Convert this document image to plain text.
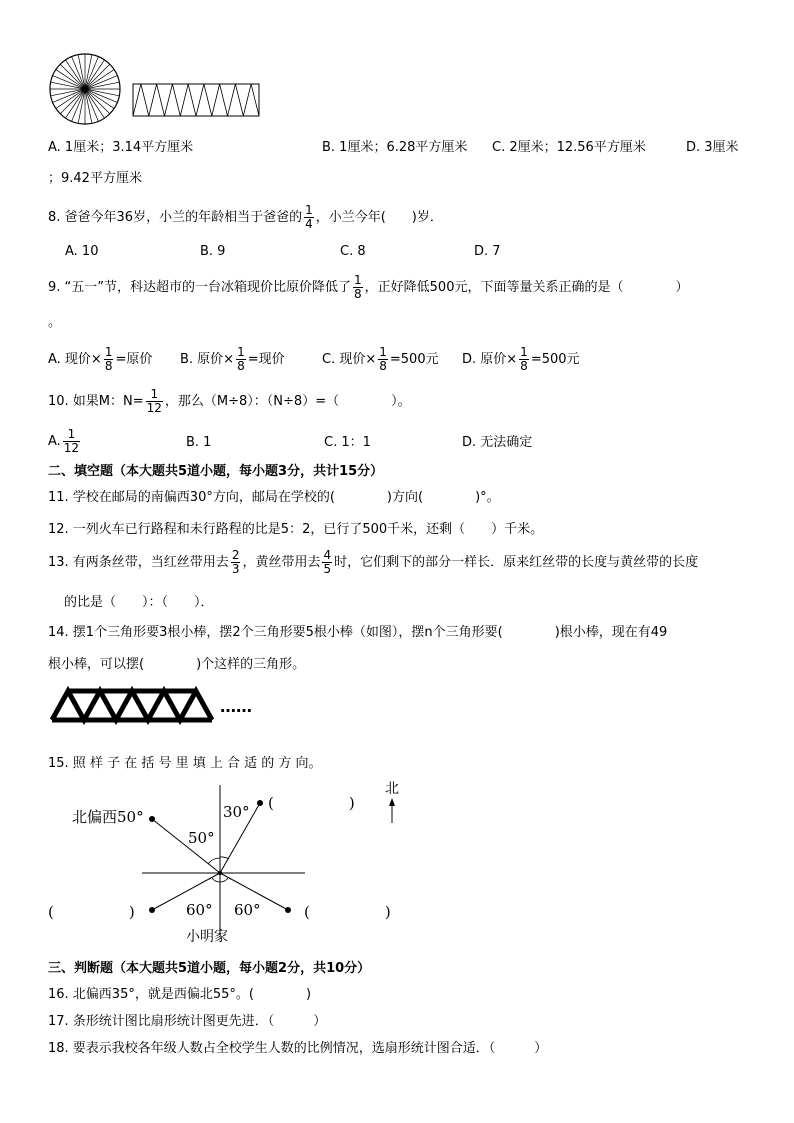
A. 1厘米；3.14平方厘米	B. 1厘米；6.28平方厘米 C. 2厘米；12.56平方厘米	D. 3厘米
；9.42平方厘米
8. 爸爸今年36岁，小兰的年龄相当于爸爸的 $\frac{1}{4}$ ，小兰今年(　　)岁．
A. 10	B. 9	C. 8	D. 7
9. “五一”节，科达超市的一台冰箱现价比原价降低了 $\frac{1}{8}$ ，正好降低500元，下面等量关系正确的是（　　　　）
。
A. 现价× $\frac{1}{8}$ =原价 B. 原价× $\frac{1}{8}$ =现价	C. 现价× $\frac{1}{8} =500$元 D. 原价× $\frac{1}{8} =500$元
10. 如果M：$N= \frac{1}{12}$ ，那么（M÷8）：（N÷8）=（　　　　）。
A. $\frac{1}{12}$	B. 1	C. 1：1	D. 无法确定
二、填空题（本大题共5道小题，每小题3分，共计15分）
11. 学校在邮局的南偏西30°方向，邮局在学校的(　　　　)方向(　　　　)°。
12. 一列火车已行路程和未行路程的比是5：2，已行了500千米，还剩（　　）千米。
13. 有两条丝带，当红丝带用去 $\frac{2}{3}$ ，黄丝带用去 $\frac{4}{5}$ 时，它们剩下的部分一样长．原来红丝带的长度与黄丝带的长度
的比是（　　）：（　　）．
14. 摆1个三角形要3根小棒，摆2个三角形要5根小棒（如图），摆n个三角形要(　　　　)根小棒，现在有49
根小棒，可以摆(　　　　)个这样的三角形。
……
15. 照 样 子 在 括 号 里 填 上 合 适 的 方 向。
北偏西50°
50°
30°
60° 60°
(　　　　　)
(　　　　　)	(　　　　　)
小明家
北
三、判断题（本大题共5道小题，每小题2分，共10分）
16. 北偏西35°，就是西偏北55°。(　　　　)
17. 条形统计图比扇形统计图更先进．（　　　）
18. 要表示我校各年级人数占全校学生人数的比例情况，选扇形统计图合适．（　　　）
